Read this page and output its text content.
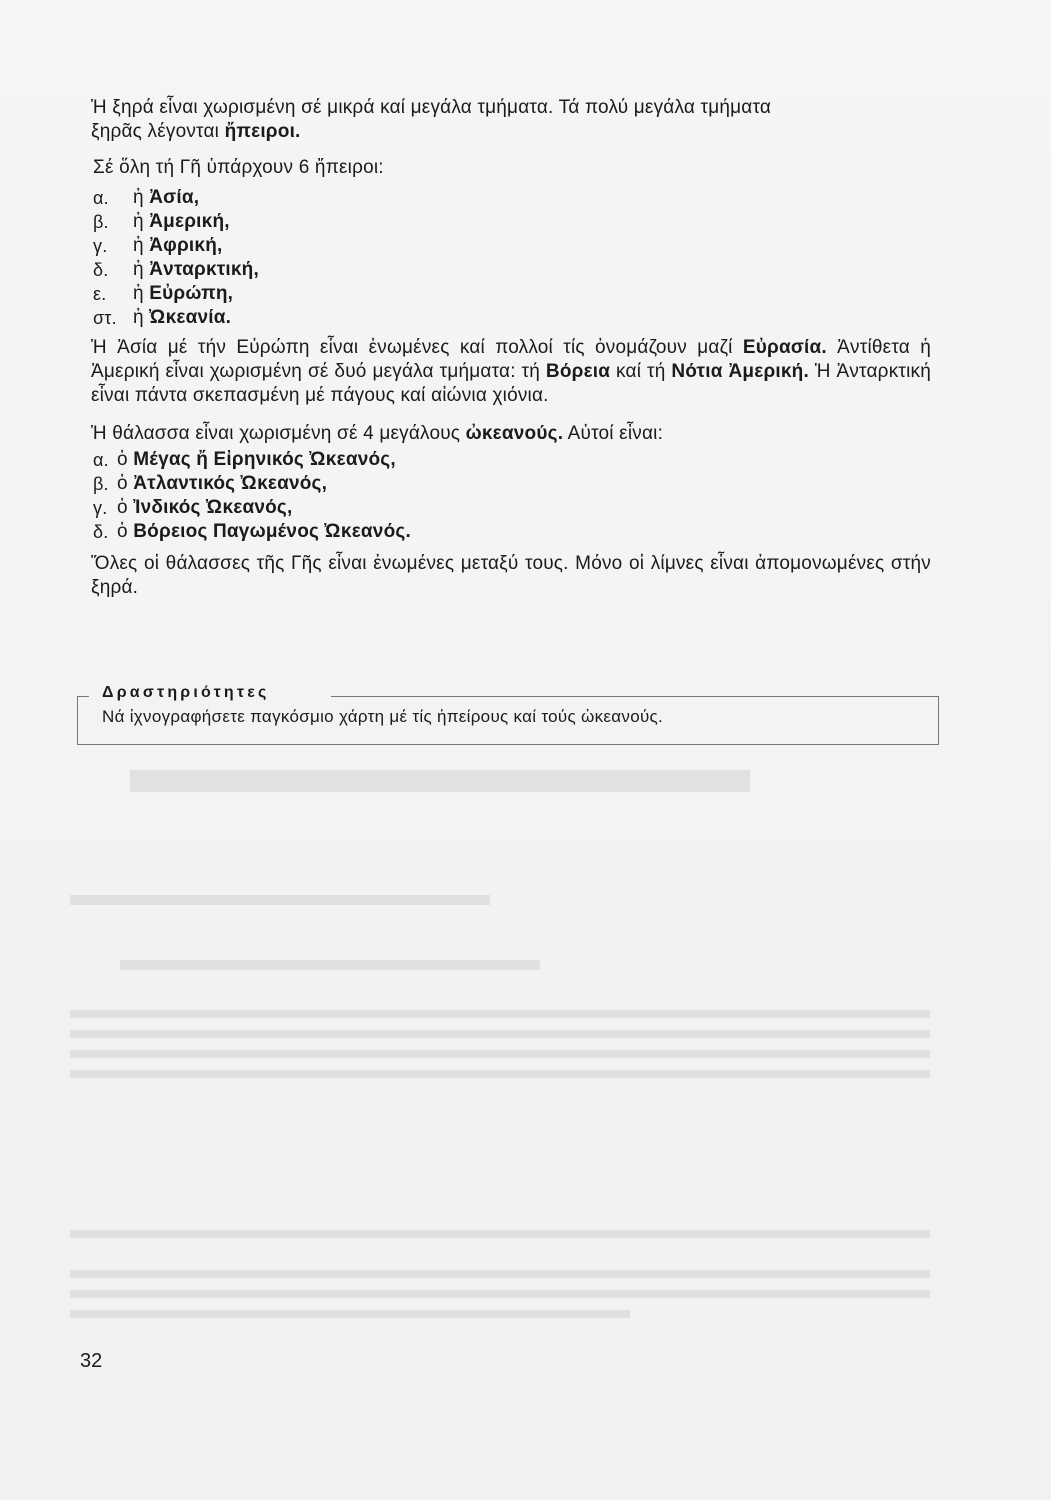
Ἡ ξηρά εἶναι χωρισμένη σέ μικρά καί μεγάλα τμήματα. Τά πολύ μεγάλα τμήματα
ξηρᾶς λέγονται ἤπειροι.

Σέ ὅλη τή Γῆ ὑπάρχουν 6 ἤπειροι:

α.	ἡ
Ἀσία,
β.	ἡ
Ἀμερική,
γ.	ἡ
Ἀφρική,
δ.	ἡ
Ἀνταρκτική,
ε.	ἡ
Εὐρώπη,
στ. ἡ
Ὠκεανία.

Ἡ Ἀσία μέ τήν Εὐρώπη εἶναι ἑνωμένες καί πολλοί τίς ὀνομάζουν μαζί Εὐρασία. Ἀντίθετα ἡ Ἀμερική εἶναι χωρισμένη σέ δυό μεγάλα τμήματα: τή Βόρεια καί τή Νότια Ἀμερική. Ἡ Ἀνταρκτική εἶναι πάντα σκεπασμένη μέ πάγους καί αἰώνια χιόνια.

Ἡ θάλασσα εἶναι χωρισμένη σέ 4 μεγάλους ὠκεανούς. Αὐτοί εἶναι:

α. ὁ
Μέγας ἤ Εἰρηνικός Ὠκεανός,
β. ὁ
Ἀτλαντικός Ὠκεανός,
γ. ὁ
Ἰνδικός Ὠκεανός,
δ. ὁ
Βόρειος Παγωμένος Ὠκεανός.

Ὅλες οἱ θάλασσες τῆς Γῆς εἶναι ἑνωμένες μεταξύ τους. Μόνο οἱ λίμνες εἶναι ἀπομονωμένες στήν ξηρά.

Δραστηριότητες
Νά ἰχνογραφήσετε παγκόσμιο χάρτη μέ τίς ἠπείρους καί τούς ὠκεανούς.
32
